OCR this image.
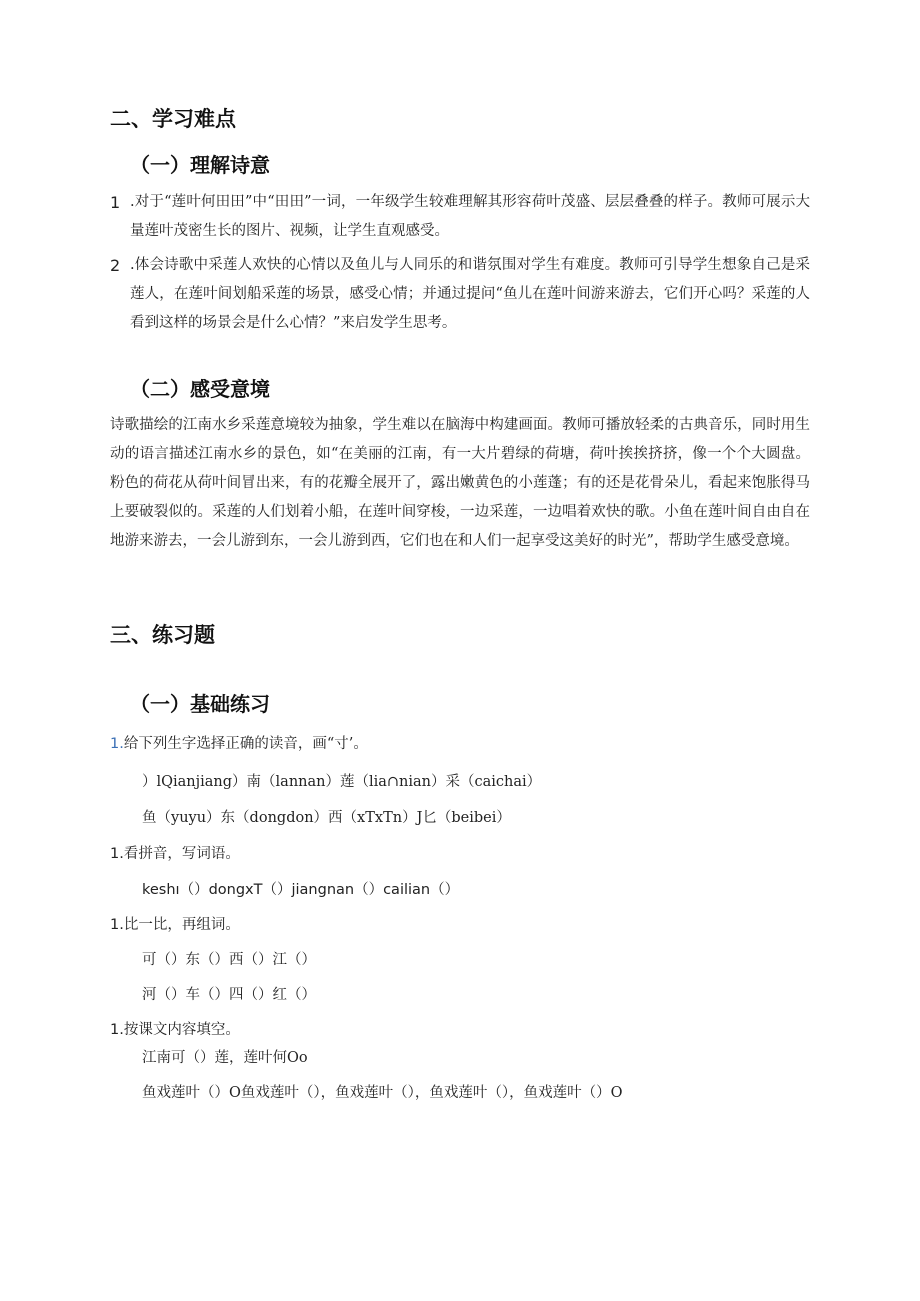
二、学习难点
（一）理解诗意
1 .对于“莲叶何田田”中“田田”一词，一年级学生较难理解其形容荷叶茂盛、层层叠叠的样子。教师可展示大量莲叶茂密生长的图片、视频，让学生直观感受。
2 .体会诗歌中采莲人欢快的心情以及鱼儿与人同乐的和谐氛围对学生有难度。教师可引导学生想象自己是采莲人，在莲叶间划船采莲的场景，感受心情；并通过提问“鱼儿在莲叶间游来游去，它们开心吗？采莲的人看到这样的场景会是什么心情？”来启发学生思考。
（二）感受意境

诗歌描绘的江南水乡采莲意境较为抽象，学生难以在脑海中构建画面。教师可播放轻柔的古典音乐，同时用生动的语言描述江南水乡的景色，如“在美丽的江南，有一大片碧绿的荷塘，荷叶挨挨挤挤，像一个个大圆盘。粉色的荷花从荷叶间冒出来，有的花瓣全展开了，露出嫩黄色的小莲蓬；有的还是花骨朵儿，看起来饱胀得马上要破裂似的。采莲的人们划着小船，在莲叶间穿梭，一边采莲，一边唱着欢快的歌。小鱼在莲叶间自由自在地游来游去，一会儿游到东，一会儿游到西，它们也在和人们一起享受这美好的时光”，帮助学生感受意境。

三、练习题
（一）基础练习

1.给下列生字选择正确的读音，画“寸’。

）lQianjiang）南（lannan）莲（lia∩nian）采（caichai）

鱼（yuyu）东（dongdon）西（xTxTn）J匕（beibei）

1.看拼音，写词语。

keshı（）dongxT（）jiangnan（）cailian（）

1.比一比，再组词。

可（）东（）西（）江（）

河（）车（）四（）红（）

1.按课文内容填空。

江南可（）莲，莲叶何Oo

鱼戏莲叶（）O鱼戏莲叶（），鱼戏莲叶（），鱼戏莲叶（），鱼戏莲叶（）O
